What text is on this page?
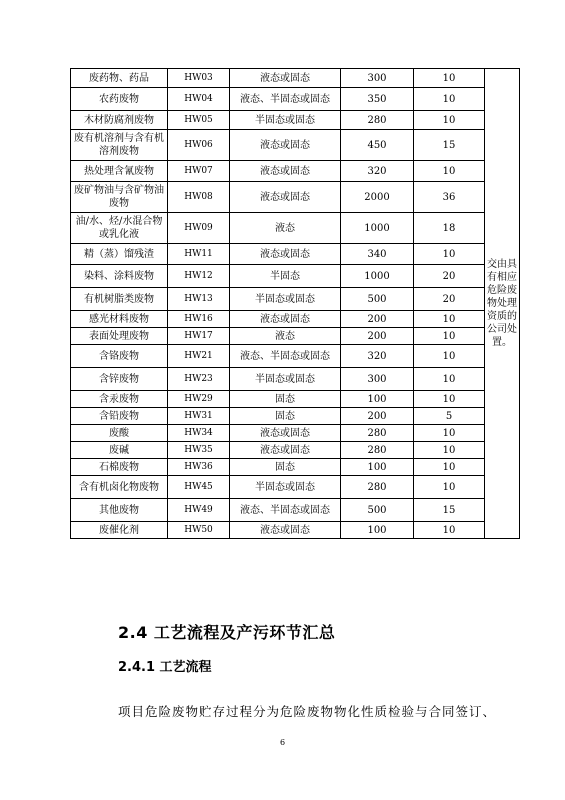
废药物、药品	HW03	液态或固态	300	10	交由具有相应危险废物处理资质的公司处置。
农药废物	HW04	液态、半固态或固态	350	10	
木材防腐剂废物	HW05	半固态或固态	280	10	
废有机溶剂与含有机溶剂废物	HW06	液态或固态	450	15	
热处理含氰废物	HW07	液态或固态	320	10	
废矿物油与含矿物油废物	HW08	液态或固态	2000	36	
油/水、烃/水混合物或乳化液	HW09	液态	1000	18	
精（蒸）馏残渣	HW11	液态或固态	340	10	
染料、涂料废物	HW12	半固态	1000	20	
有机树脂类废物	HW13	半固态或固态	500	20	
感光材料废物	HW16	液态或固态	200	10	
表面处理废物	HW17	液态	200	10	
含铬废物	HW21	液态、半固态或固态	320	10	
含锌废物	HW23	半固态或固态	300	10	
含汞废物	HW29	固态	100	10	
含铅废物	HW31	固态	200	5	
废酸	HW34	液态或固态	280	10	
废碱	HW35	液态或固态	280	10	
石棉废物	HW36	固态	100	10	
含有机卤化物废物	HW45	半固态或固态	280	10	
其他废物	HW49	液态、半固态或固态	500	15	
废催化剂	HW50	液态或固态	100	10	
2.4 工艺流程及产污环节汇总
2.4.1 工艺流程
项目危险废物贮存过程分为危险废物物化性质检验与合同签订、
6
